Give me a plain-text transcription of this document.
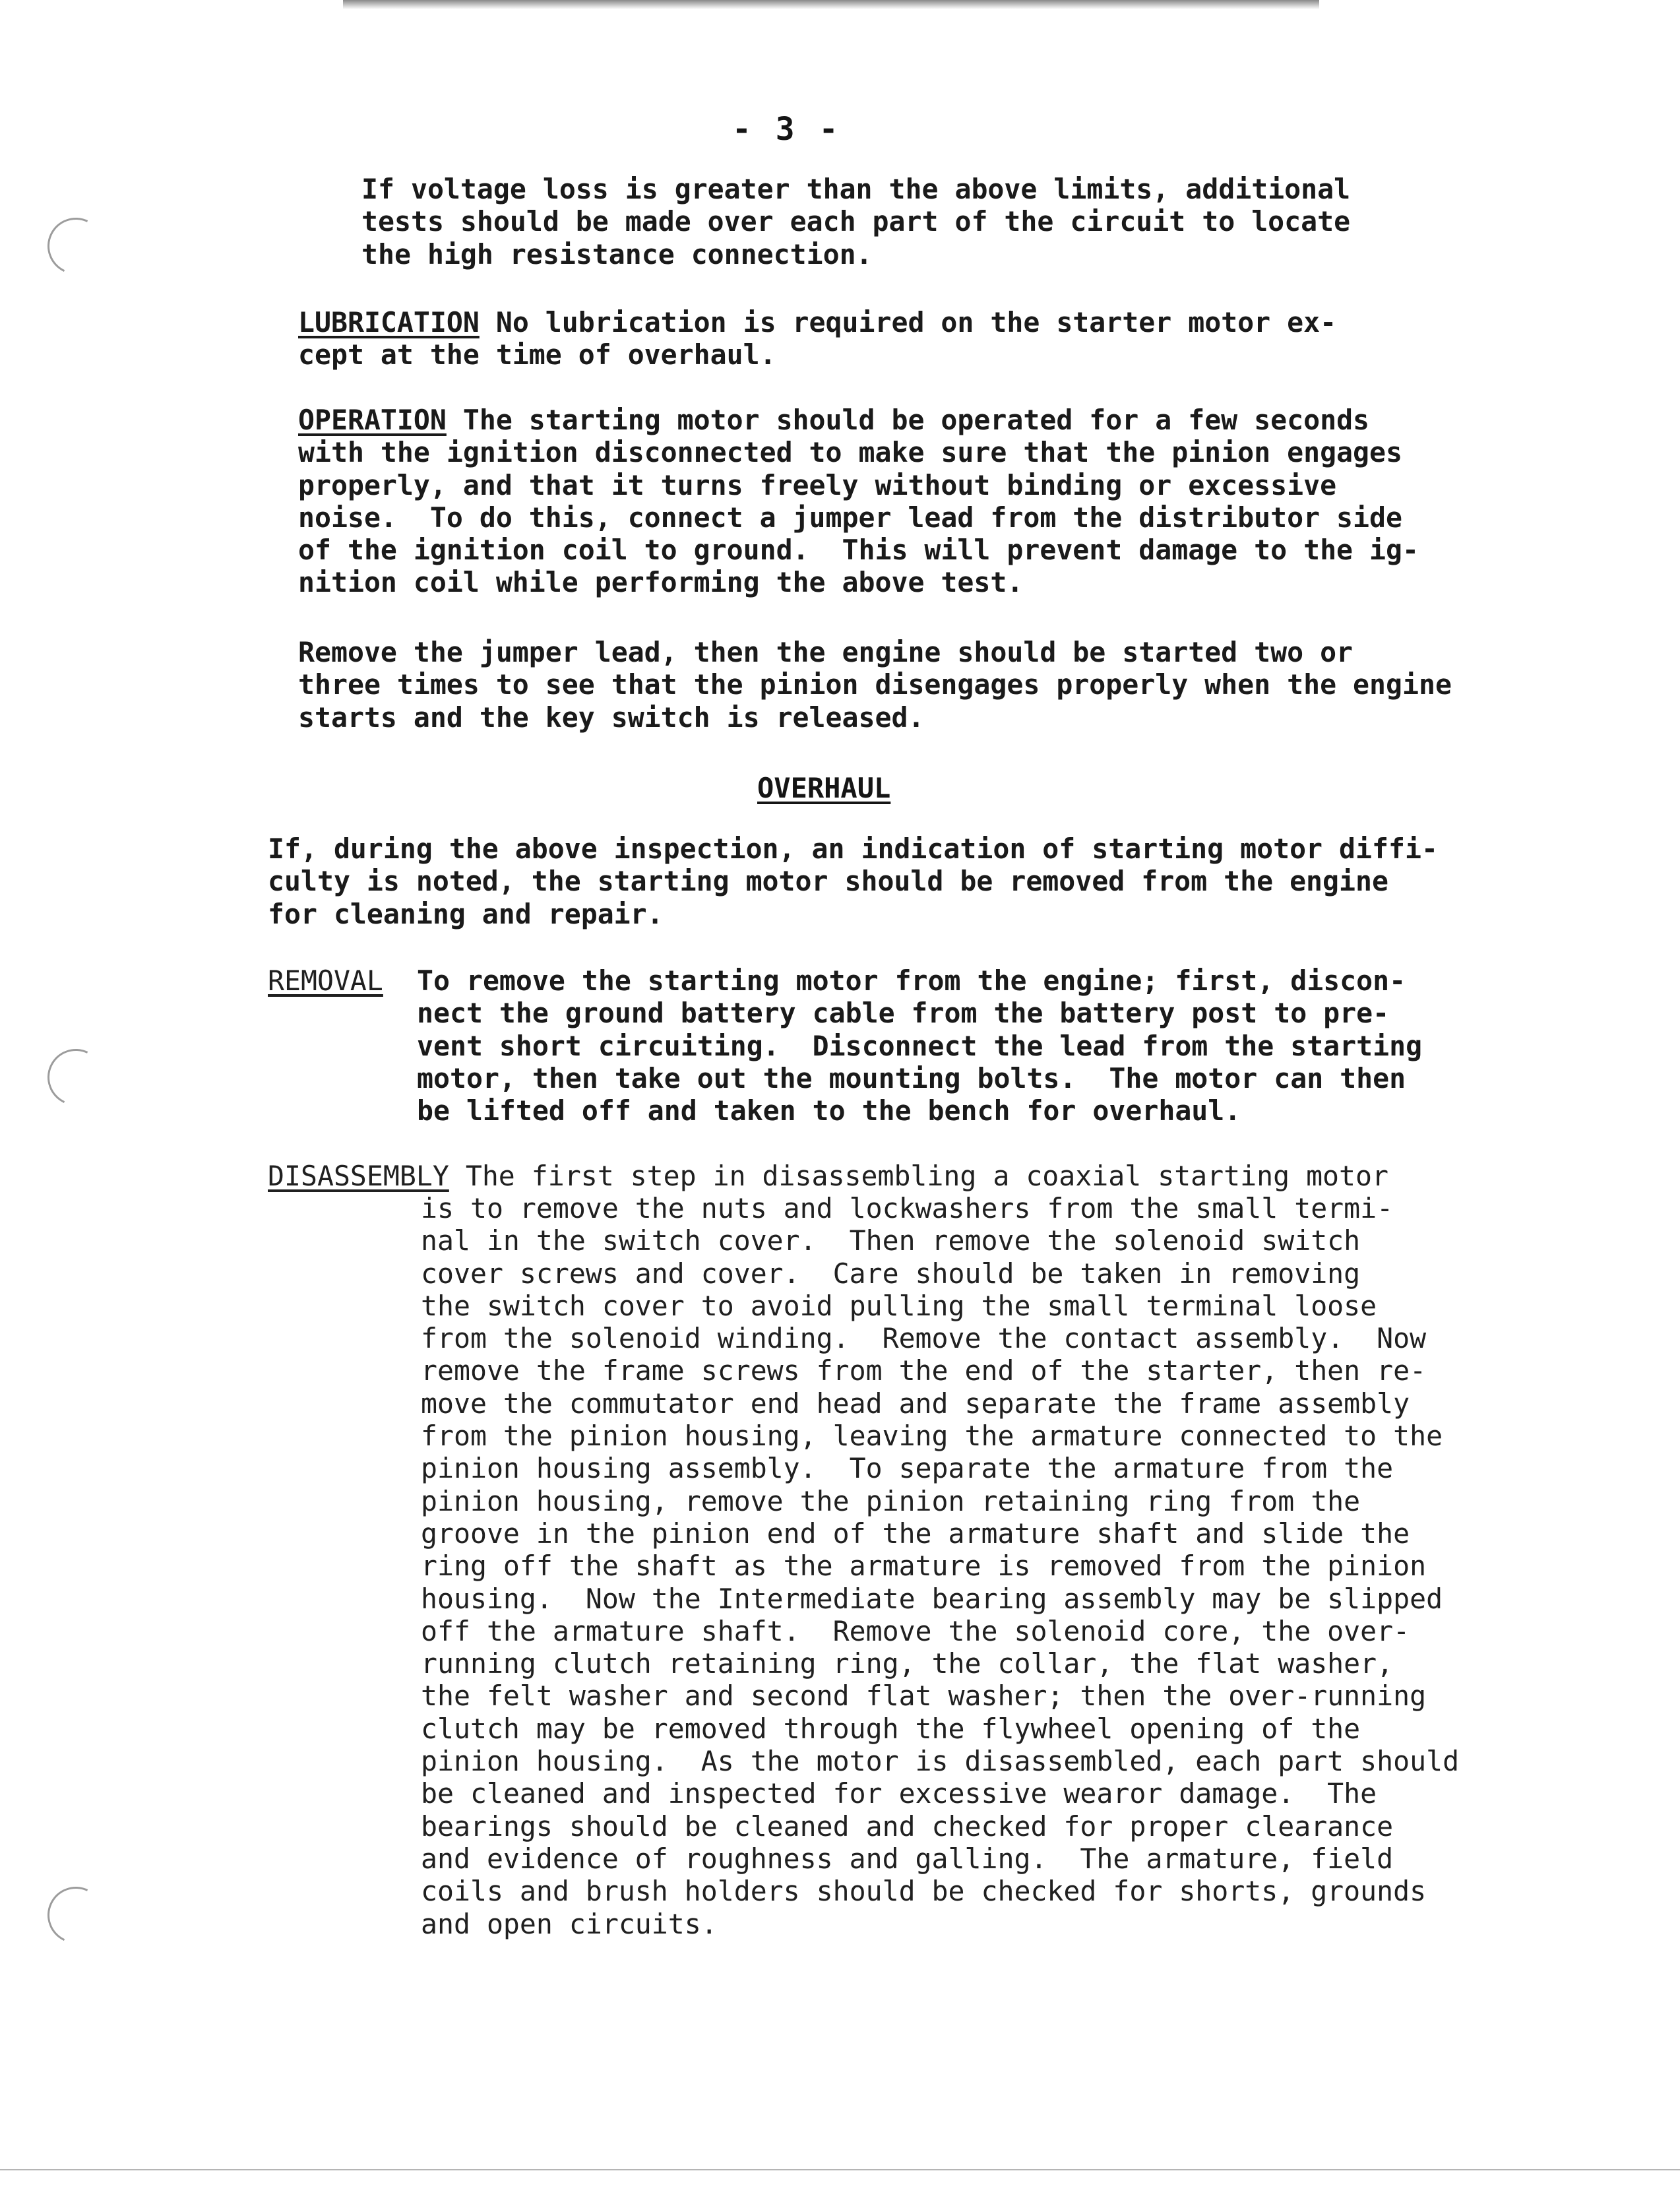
- 3 -
If voltage loss is greater than the above limits, additional
tests should be made over each part of the circuit to locate
the high resistance connection.
LUBRICATION No lubrication is required on the starter motor ex-
cept at the time of overhaul.
OPERATION The starting motor should be operated for a few seconds
with the ignition disconnected to make sure that the pinion engages
properly, and that it turns freely without binding or excessive
noise.  To do this, connect a jumper lead from the distributor side
of the ignition coil to ground.  This will prevent damage to the ig-
nition coil while performing the above test.
Remove the jumper lead, then the engine should be started two or
three times to see that the pinion disengages properly when the engine
starts and the key switch is released.
OVERHAUL
If, during the above inspection, an indication of starting motor diffi-
culty is noted, the starting motor should be removed from the engine
for cleaning and repair.
REMOVAL To remove the starting motor from the engine; first, discon-
nect the ground battery cable from the battery post to pre-
vent short circuiting.  Disconnect the lead from the starting
motor, then take out the mounting bolts.  The motor can then
be lifted off and taken to the bench for overhaul.
DISASSEMBLY The first step in disassembling a coaxial starting motor
is to remove the nuts and lockwashers from the small termi-
nal in the switch cover.  Then remove the solenoid switch
cover screws and cover.  Care should be taken in removing
the switch cover to avoid pulling the small terminal loose
from the solenoid winding.  Remove the contact assembly.  Now
remove the frame screws from the end of the starter, then re-
move the commutator end head and separate the frame assembly
from the pinion housing, leaving the armature connected to the
pinion housing assembly.  To separate the armature from the
pinion housing, remove the pinion retaining ring from the
groove in the pinion end of the armature shaft and slide the
ring off the shaft as the armature is removed from the pinion
housing.  Now the Intermediate bearing assembly may be slipped
off the armature shaft.  Remove the solenoid core, the over-
running clutch retaining ring, the collar, the flat washer,
the felt washer and second flat washer; then the over-running
clutch may be removed through the flywheel opening of the
pinion housing.  As the motor is disassembled, each part should
be cleaned and inspected for excessive wearor damage.  The
bearings should be cleaned and checked for proper clearance
and evidence of roughness and galling.  The armature, field
coils and brush holders should be checked for shorts, grounds
and open circuits.
